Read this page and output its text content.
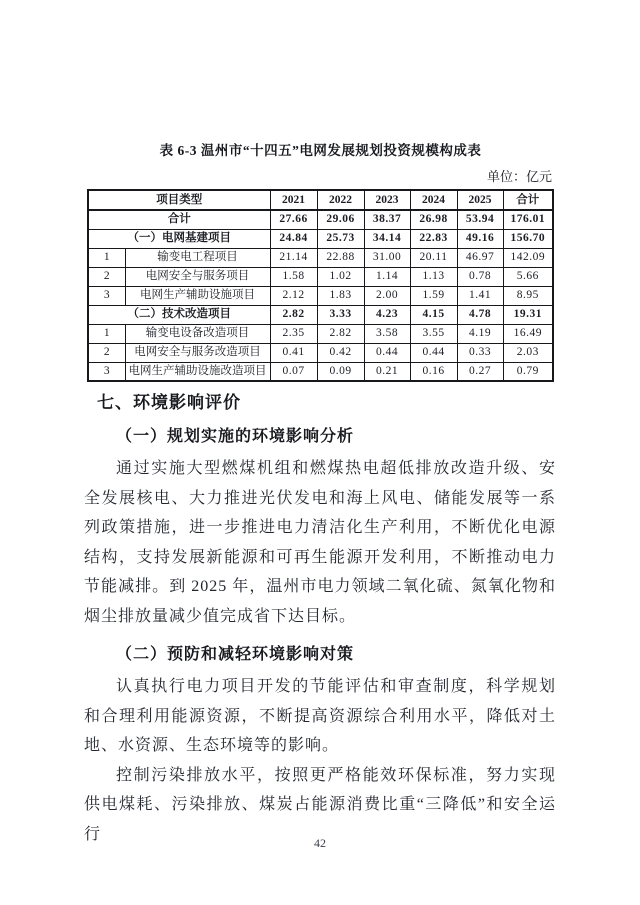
表 6-3 温州市“十四五”电网发展规划投资规模构成表
单位：亿元
项目类型		2021	2022	2023	2024	2025	合计
合计		27.66	29.06	38.37	26.98	53.94	176.01
（一）电网基建项目		24.84	25.73	34.14	22.83	49.16	156.70
1	输变电工程项目	21.14	22.88	31.00	20.11	46.97	142.09
2	电网安全与服务项目	1.58	1.02	1.14	1.13	0.78	5.66
3	电网生产辅助设施项目	2.12	1.83	2.00	1.59	1.41	8.95
（二）技术改造项目		2.82	3.33	4.23	4.15	4.78	19.31
1	输变电设备改造项目	2.35	2.82	3.58	3.55	4.19	16.49
2	电网安全与服务改造项目	0.41	0.42	0.44	0.44	0.33	2.03
3	电网生产辅助设施改造项目	0.07	0.09	0.21	0.16	0.27	0.79
七、环境影响评价
（一）规划实施的环境影响分析

通过实施大型燃煤机组和燃煤热电超低排放改造升级、安全发展核电、大力推进光伏发电和海上风电、储能发展等一系列政策措施，进一步推进电力清洁化生产利用，不断优化电源结构，支持发展新能源和可再生能源开发利用，不断推动电力节能减排。到 2025 年，温州市电力领域二氧化硫、氮氧化物和烟尘排放量减少值完成省下达目标。

（二）预防和减轻环境影响对策

认真执行电力项目开发的节能评估和审查制度，科学规划和合理利用能源资源，不断提高资源综合利用水平，降低对土地、水资源、生态环境等的影响。

控制污染排放水平，按照更严格能效环保标准，努力实现供电煤耗、污染排放、煤炭占能源消费比重“三降低”和安全运行

42
